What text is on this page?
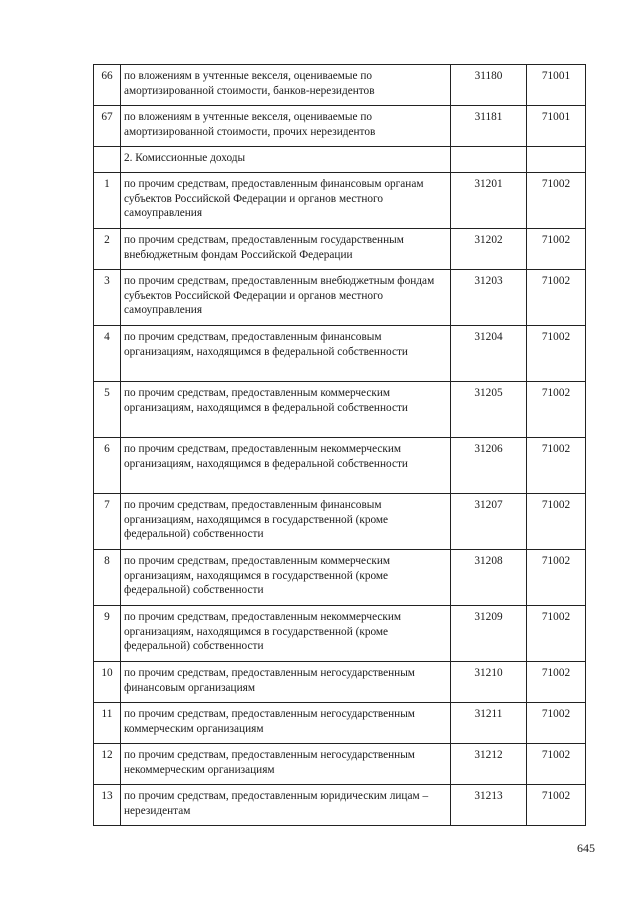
66	по вложениям в учтенные векселя, оцениваемые по амортизированной стоимости, банков-нерезидентов	31180	71001
67	по вложениям в учтенные векселя, оцениваемые по амортизированной стоимости, прочих нерезидентов	31181	71001
	2. Комиссионные доходы		
1	по прочим средствам, предоставленным финансовым органам субъектов Российской Федерации и органов местного самоуправления	31201	71002
2	по прочим средствам, предоставленным государственным внебюджетным фондам Российской Федерации	31202	71002
3	по прочим средствам, предоставленным внебюджетным фондам субъектов Российской Федерации и органов местного самоуправления	31203	71002
4	по прочим средствам, предоставленным финансовым организациям, находящимся в федеральной собственности	31204	71002
5	по прочим средствам, предоставленным коммерческим организациям, находящимся в федеральной собственности	31205	71002
6	по прочим средствам, предоставленным некоммерческим организациям, находящимся в федеральной собственности	31206	71002
7	по прочим средствам, предоставленным финансовым организациям, находящимся в государственной (кроме федеральной) собственности	31207	71002
8	по прочим средствам, предоставленным коммерческим организациям, находящимся в государственной (кроме федеральной) собственности	31208	71002
9	по прочим средствам, предоставленным некоммерческим организациям, находящимся в государственной (кроме федеральной) собственности	31209	71002
10	по прочим средствам, предоставленным негосударственным финансовым организациям	31210	71002
11	по прочим средствам, предоставленным негосударственным коммерческим организациям	31211	71002
12	по прочим средствам, предоставленным негосударственным некоммерческим организациям	31212	71002
13	по прочим средствам, предоставленным юридическим лицам – нерезидентам	31213	71002
645
